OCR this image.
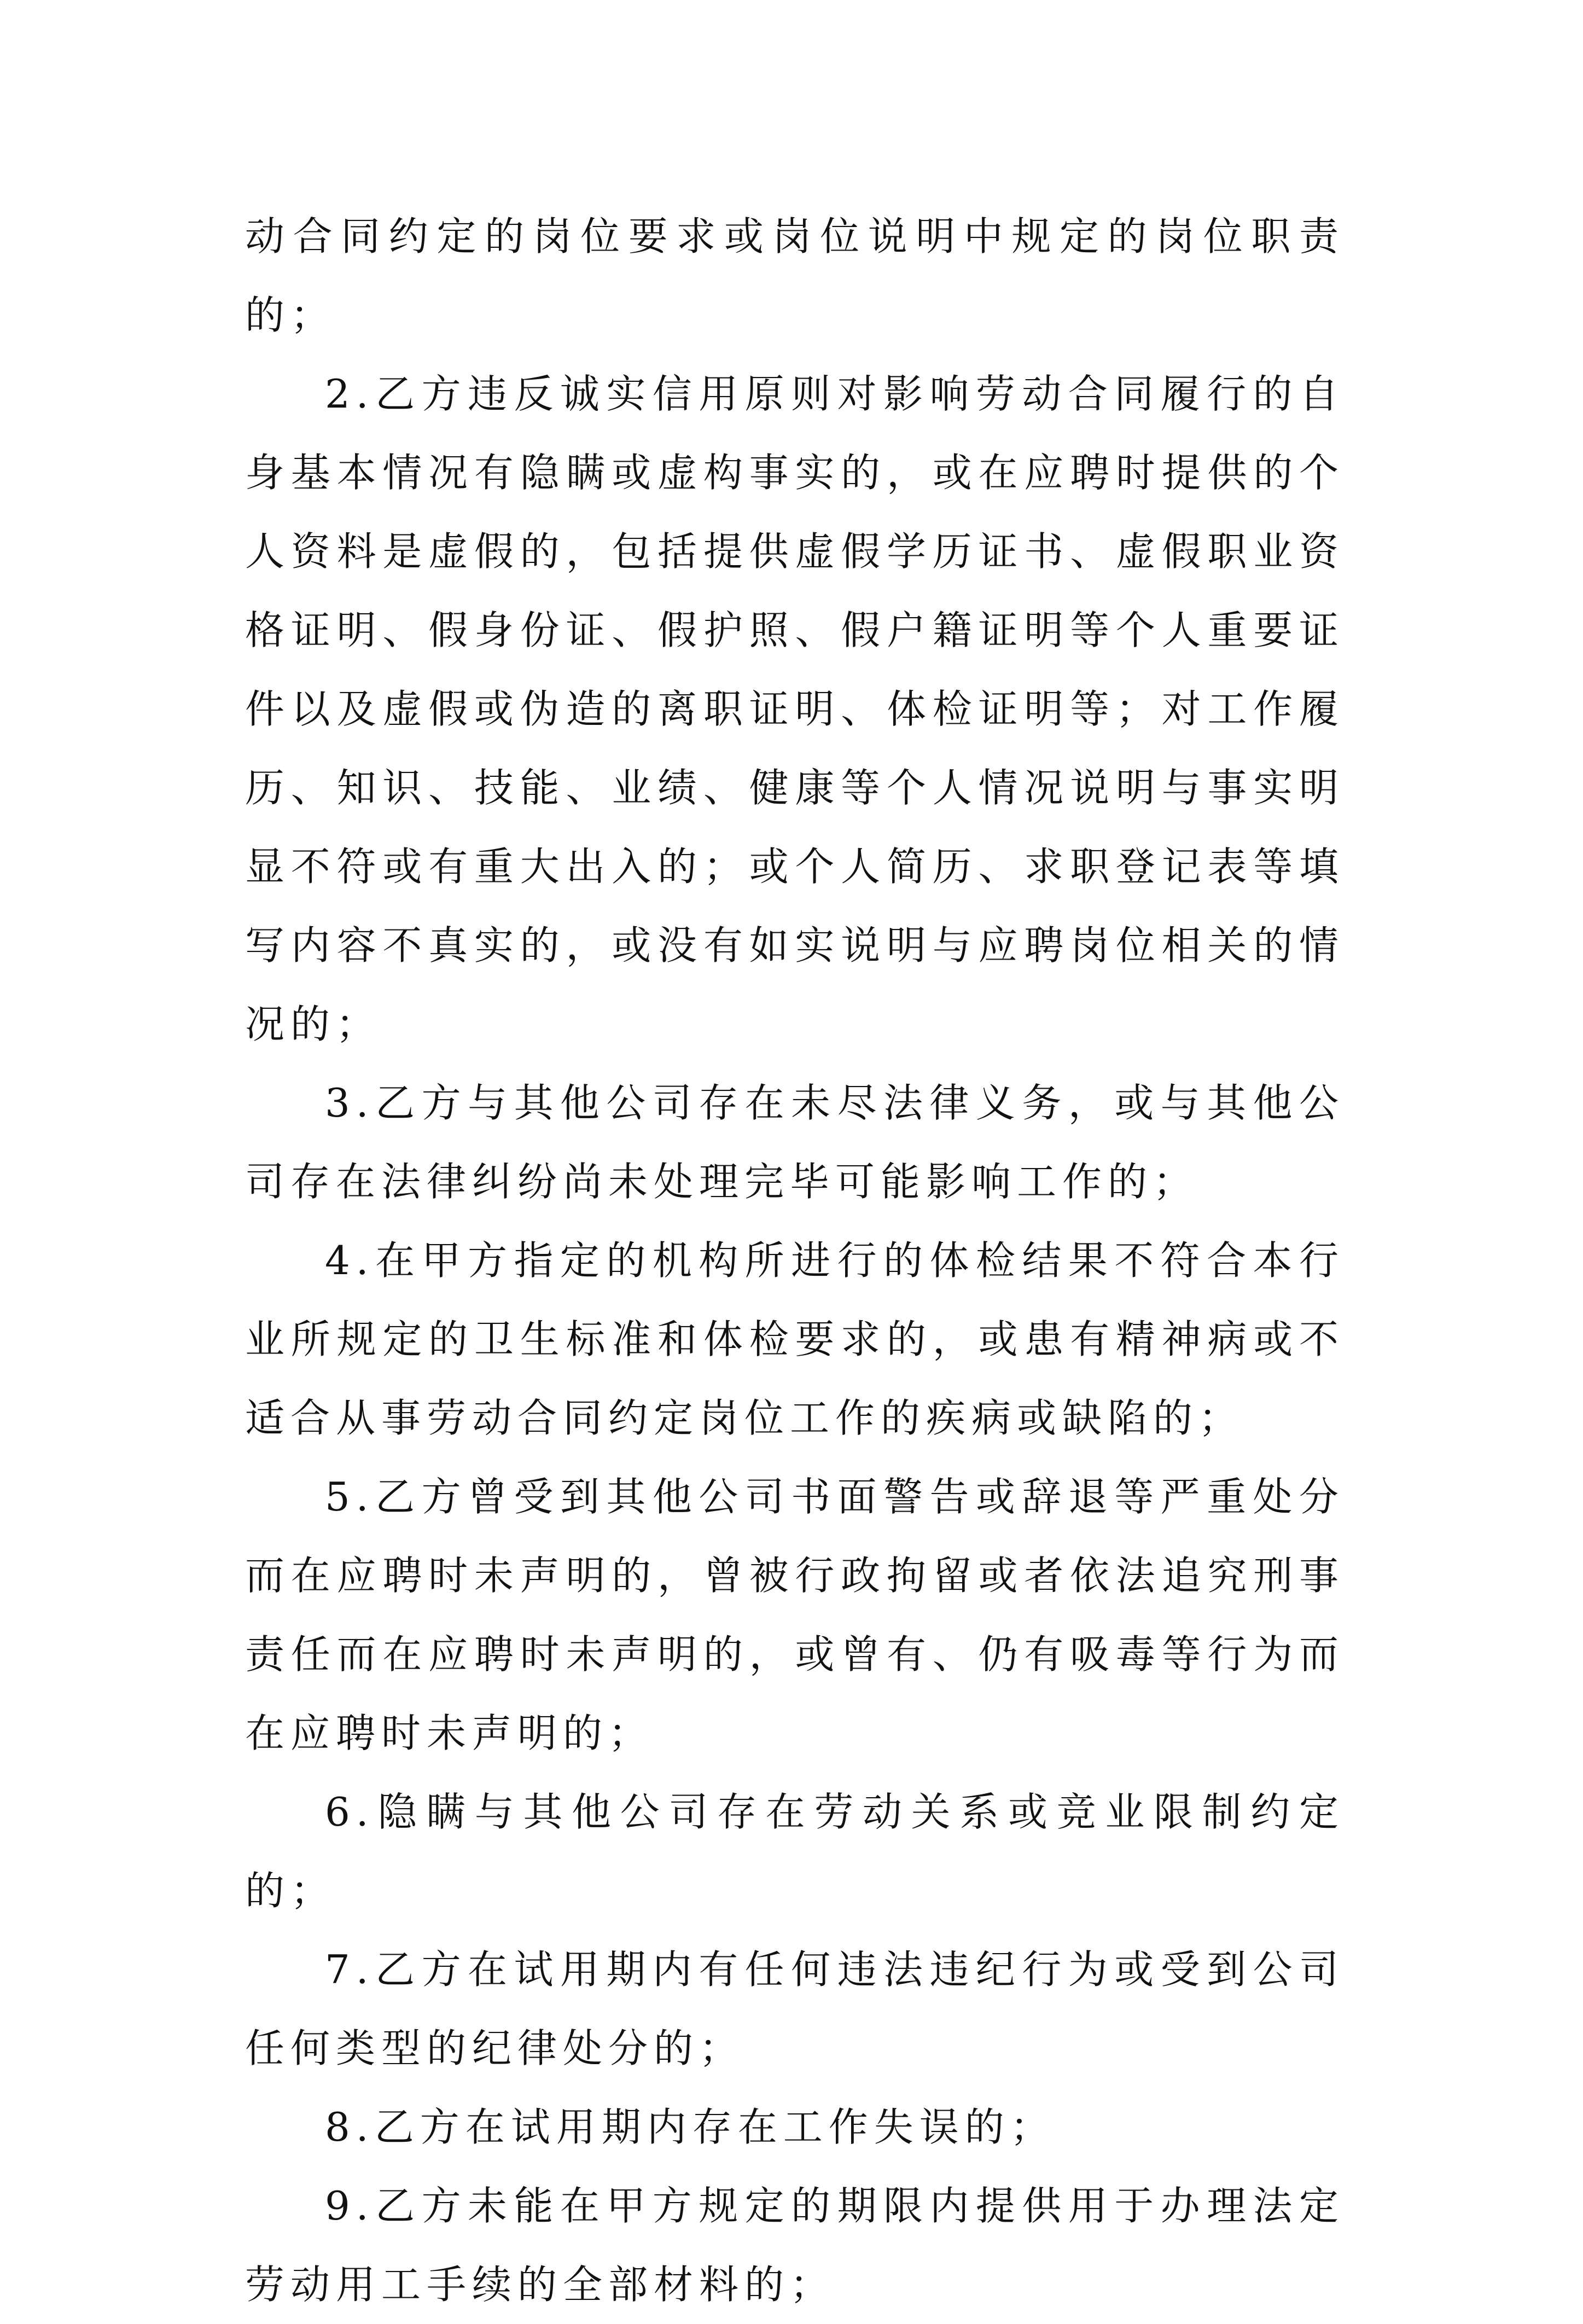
动合同约定的岗位要求或岗位说明中规定的岗位职责的；

2.乙方违反诚实信用原则对影响劳动合同履行的自身基本情况有隐瞒或虚构事实的，或在应聘时提供的个人资料是虚假的，包括提供虚假学历证书、虚假职业资格证明、假身份证、假护照、假户籍证明等个人重要证件以及虚假或伪造的离职证明、体检证明等；对工作履历、知识、技能、业绩、健康等个人情况说明与事实明显不符或有重大出入的；或个人简历、求职登记表等填写内容不真实的，或没有如实说明与应聘岗位相关的情况的；

3.乙方与其他公司存在未尽法律义务，或与其他公司存在法律纠纷尚未处理完毕可能影响工作的；

4.在甲方指定的机构所进行的体检结果不符合本行业所规定的卫生标准和体检要求的，或患有精神病或不适合从事劳动合同约定岗位工作的疾病或缺陷的；

5.乙方曾受到其他公司书面警告或辞退等严重处分而在应聘时未声明的，曾被行政拘留或者依法追究刑事责任而在应聘时未声明的，或曾有、仍有吸毒等行为而在应聘时未声明的；

6.隐瞒与其他公司存在劳动关系或竞业限制约定的；

7.乙方在试用期内有任何违法违纪行为或受到公司任何类型的纪律处分的；

8.乙方在试用期内存在工作失误的；

9.乙方未能在甲方规定的期限内提供用于办理法定劳动用工手续的全部材料的；
